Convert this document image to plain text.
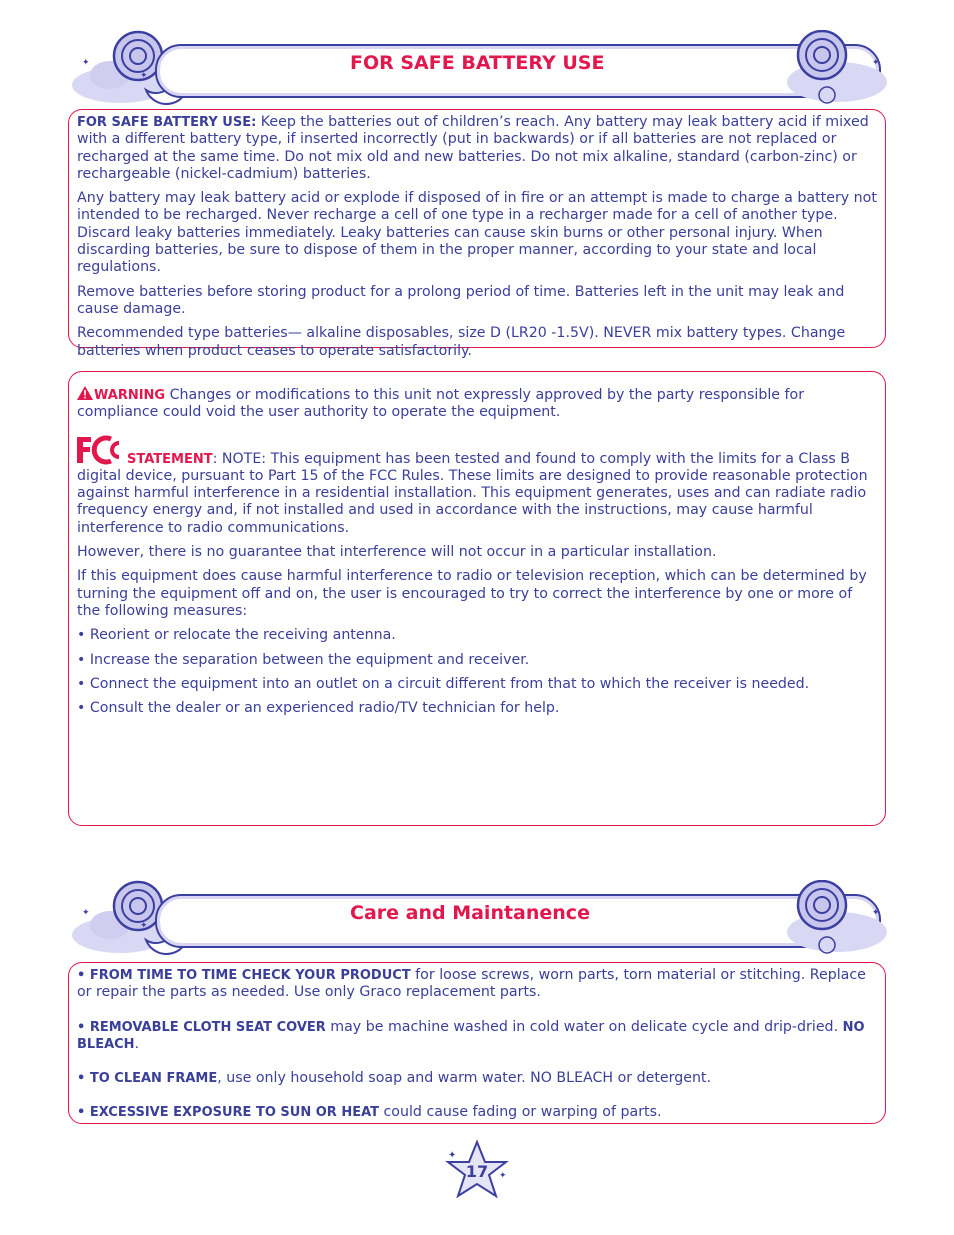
✦
✦
FOR SAFE BATTERY USE	✦

FOR SAFE BATTERY USE: Keep the batteries out of children’s reach. Any battery may leak battery acid if mixed with a different battery type, if inserted incorrectly (put in backwards) or if all batteries are not replaced or recharged at the same time. Do not mix old and new batteries. Do not mix alkaline, standard (carbon-zinc) or rechargeable (nickel-cadmium) batteries.

Any battery may leak battery acid or explode if disposed of in fire or an attempt is made to charge a battery not intended to be recharged. Never recharge a cell of one type in a recharger made for a cell of another type. Discard leaky batteries immediately. Leaky batteries can cause skin burns or other personal injury. When discarding batteries, be sure to dispose of them in the proper manner, according to your state and local regulations.

Remove batteries before storing product for a prolong period of time. Batteries left in the unit may leak and cause damage.

Recommended type batteries— alkaline disposables, size D (LR20 -1.5V). NEVER mix battery types. Change batteries when product ceases to operate satisfactorily.

WARNING Changes or modifications to this unit not expressly approved by the party responsible for compliance could void the user authority to operate the equipment.

STATEMENT: NOTE: This equipment has been tested and found to comply with the limits for a Class B digital device, pursuant to Part 15 of the FCC Rules. These limits are designed to provide reasonable protection against harmful interference in a residential installation. This equipment generates, uses and can radiate radio frequency energy and, if not installed and used in accordance with the instructions, may cause harmful interference to radio communications.

However, there is no guarantee that interference will not occur in a particular installation.

If this equipment does cause harmful interference to radio or television reception, which can be determined by turning the equipment off and on, the user is encouraged to try to correct the interference by one or more of the following measures:

• Reorient or relocate the receiving antenna.

• Increase the separation between the equipment and receiver.

• Connect the equipment into an outlet on a circuit different from that to which the receiver is needed.

• Consult the dealer or an experienced radio/TV technician for help.

✦
✦
Care and Maintanence	✦

• FROM TIME TO TIME CHECK YOUR PRODUCT for loose screws, worn parts, torn material or stitching. Replace or repair the parts as needed. Use only Graco replacement parts.

• REMOVABLE CLOTH SEAT COVER may be machine washed in cold water on delicate cycle and drip-dried. NO BLEACH.

• TO CLEAN FRAME, use only household soap and warm water. NO BLEACH or detergent.

• EXCESSIVE EXPOSURE TO SUN OR HEAT could cause fading or warping of parts.

✦
✦
17
